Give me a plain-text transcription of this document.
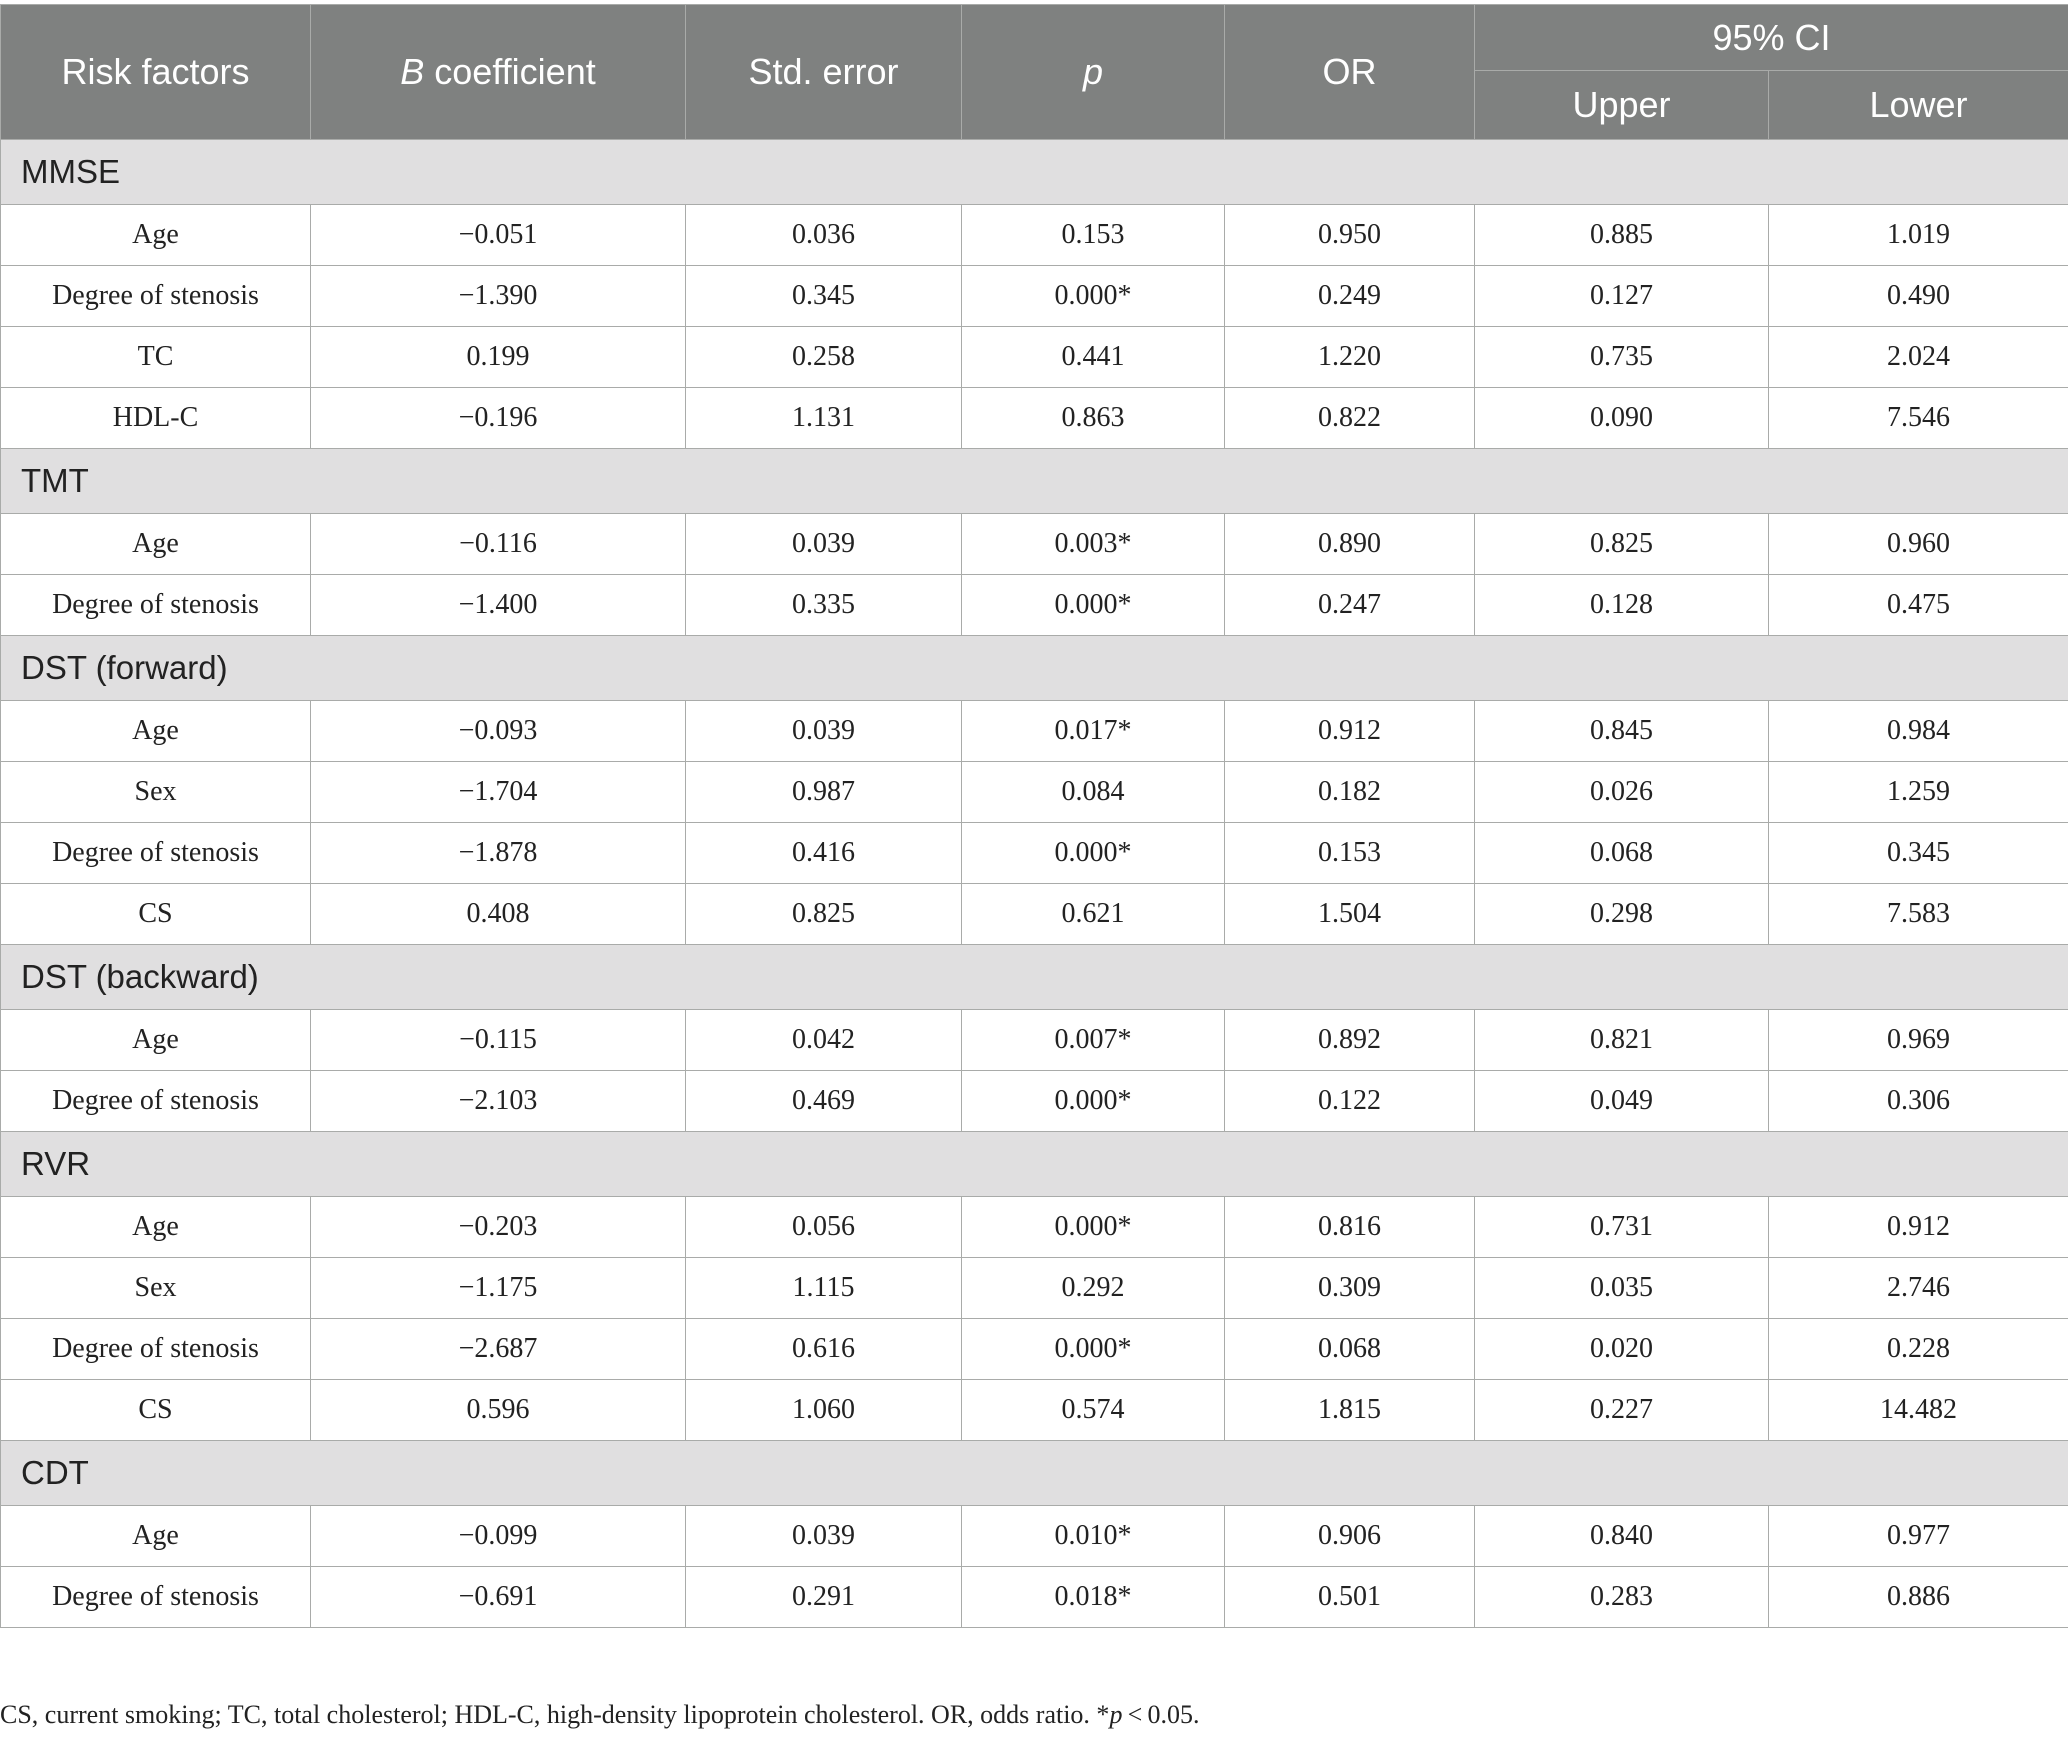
Risk factors	B coefficient	Std. error	p	OR	95% CI	
					Upper	Lower
MMSE						
Age	−0.051	0.036	0.153	0.950	0.885	1.019
Degree of stenosis	−1.390	0.345	0.000*	0.249	0.127	0.490
TC	0.199	0.258	0.441	1.220	0.735	2.024
HDL-C	−0.196	1.131	0.863	0.822	0.090	7.546
TMT						
Age	−0.116	0.039	0.003*	0.890	0.825	0.960
Degree of stenosis	−1.400	0.335	0.000*	0.247	0.128	0.475
DST (forward)						
Age	−0.093	0.039	0.017*	0.912	0.845	0.984
Sex	−1.704	0.987	0.084	0.182	0.026	1.259
Degree of stenosis	−1.878	0.416	0.000*	0.153	0.068	0.345
CS	0.408	0.825	0.621	1.504	0.298	7.583
DST (backward)						
Age	−0.115	0.042	0.007*	0.892	0.821	0.969
Degree of stenosis	−2.103	0.469	0.000*	0.122	0.049	0.306
RVR						
Age	−0.203	0.056	0.000*	0.816	0.731	0.912
Sex	−1.175	1.115	0.292	0.309	0.035	2.746
Degree of stenosis	−2.687	0.616	0.000*	0.068	0.020	0.228
CS	0.596	1.060	0.574	1.815	0.227	14.482
CDT						
Age	−0.099	0.039	0.010*	0.906	0.840	0.977
Degree of stenosis	−0.691	0.291	0.018*	0.501	0.283	0.886
CS, current smoking; TC, total cholesterol; HDL-C, high-density lipoprotein cholesterol. OR, odds ratio. *p < 0.05.
